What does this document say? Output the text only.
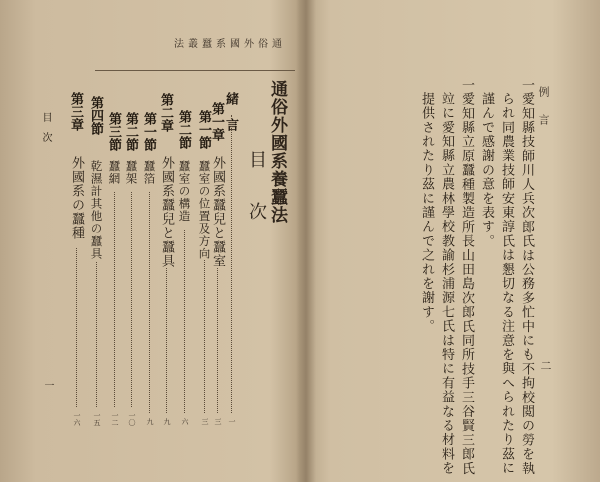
法叢蠶系國外俗通
通俗外國系養蠶法
目次
緒　言
第一章
外國系蠶兒と蠶室
第一節
蠶室の位置及方向
第二節
蠶室の構造
第二章
外國系蠶兒と蠶具
第一節
蠶箔
第二節
蠶架
第三節
蠶網
第四節
乾濕計其他の蠶具
第三章
外國系の蠶種
一
三
三
六
九
九
一〇
一二
一五
一六
目　次
一
例　言
二
一愛知縣技師川人兵次郎氏は公務多忙中にも不拘校閲の勞を執
られ同農業技師安東諄氏は懇切なる注意を與へられたり茲に
謹んで感謝の意を表す。
一愛知縣立原蠶種製造所長山田島次郎氏同所技手三谷賢三郎氏
竝に愛知縣立農林學校教諭杉浦源七氏は特に有益なる材料を
提供されたり茲に謹んで之れを謝す。
